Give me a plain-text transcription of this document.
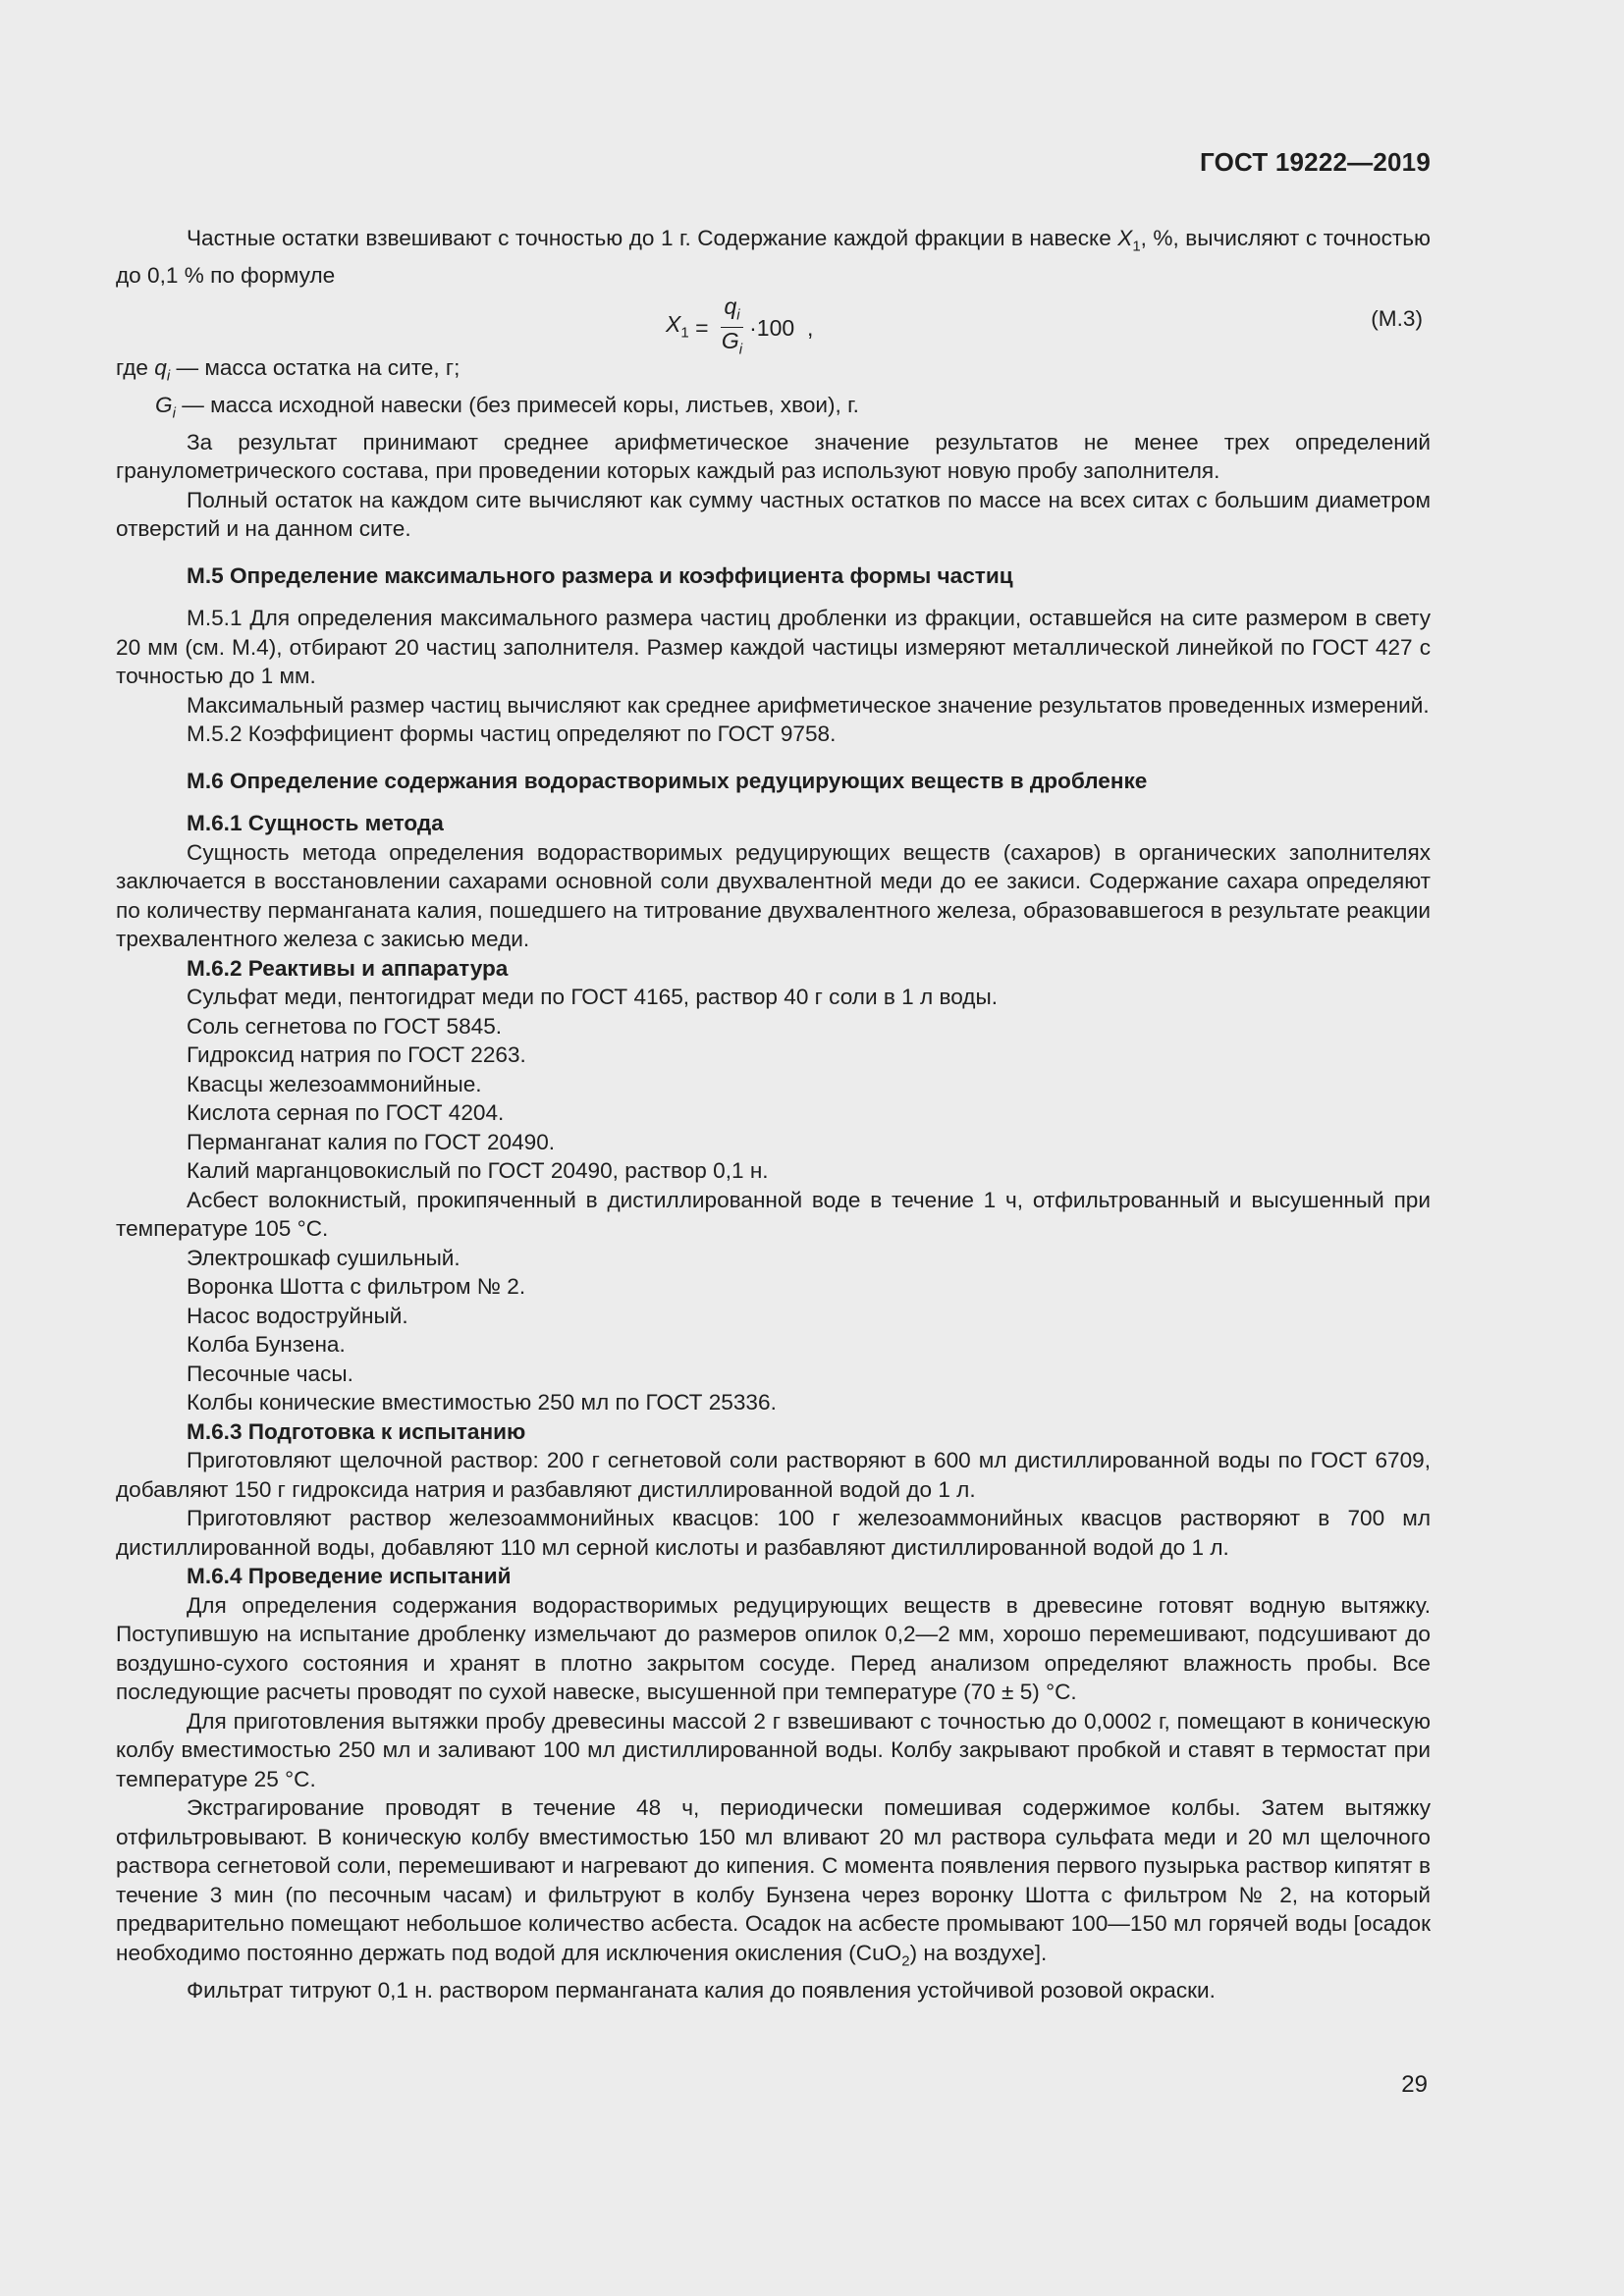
ГОСТ 19222—2019

Частные остатки взвешивают с точностью до 1 г. Содержание каждой фракции в навеске $X_1$, %, вычисляют с точностью до 0,1 % по формуле

$X_1 = \frac{q_i}{G_i} \cdot 100$  ,	(М.3)

где $q_i$ — масса остатка на сите, г;

$G_i$ — масса исходной навески (без примесей коры, листьев, хвои), г.

За результат принимают среднее арифметическое значение результатов не менее трех определений гранулометрического состава, при проведении которых каждый раз используют новую пробу заполнителя.

Полный остаток на каждом сите вычисляют как сумму частных остатков по массе на всех ситах с большим диаметром отверстий и на данном сите.

М.5 Определение максимального размера и коэффициента формы частиц

М.5.1 Для определения максимального размера частиц дробленки из фракции, оставшейся на сите размером в свету 20 мм (см. М.4), отбирают 20 частиц заполнителя. Размер каждой частицы измеряют металлической линейкой по ГОСТ 427 с точностью до 1 мм.

Максимальный размер частиц вычисляют как среднее арифметическое значение результатов проведенных измерений.

М.5.2 Коэффициент формы частиц определяют по ГОСТ 9758.

М.6 Определение содержания водорастворимых редуцирующих веществ в дробленке

М.6.1 Сущность метода

Сущность метода определения водорастворимых редуцирующих веществ (сахаров) в органических заполнителях заключается в восстановлении сахарами основной соли двухвалентной меди до ее закиси. Содержание сахара определяют по количеству перманганата калия, пошедшего на титрование двухвалентного железа, образовавшегося в результате реакции трехвалентного железа с закисью меди.

М.6.2 Реактивы и аппаратура

Сульфат меди, пентогидрат меди по ГОСТ 4165, раствор 40 г соли в 1 л воды.

Соль сегнетова по ГОСТ 5845.

Гидроксид натрия по ГОСТ 2263.

Квасцы железоаммонийные.

Кислота серная по ГОСТ 4204.

Перманганат калия по ГОСТ 20490.

Калий марганцовокислый по ГОСТ 20490, раствор 0,1 н.

Асбест волокнистый, прокипяченный в дистиллированной воде в течение 1 ч, отфильтрованный и высушенный при температуре 105 °C.

Электрошкаф сушильный.

Воронка Шотта с фильтром № 2.

Насос водоструйный.

Колба Бунзена.

Песочные часы.

Колбы конические вместимостью 250 мл по ГОСТ 25336.

М.6.3 Подготовка к испытанию

Приготовляют щелочной раствор: 200 г сегнетовой соли растворяют в 600 мл дистиллированной воды по ГОСТ 6709, добавляют 150 г гидроксида натрия и разбавляют дистиллированной водой до 1 л.

Приготовляют раствор железоаммонийных квасцов: 100 г железоаммонийных квасцов растворяют в 700 мл дистиллированной воды, добавляют 110 мл серной кислоты и разбавляют дистиллированной водой до 1 л.

М.6.4 Проведение испытаний

Для определения содержания водорастворимых редуцирующих веществ в древесине готовят водную вытяжку. Поступившую на испытание дробленку измельчают до размеров опилок 0,2—2 мм, хорошо перемешивают, подсушивают до воздушно-сухого состояния и хранят в плотно закрытом сосуде. Перед анализом определяют влажность пробы. Все последующие расчеты проводят по сухой навеске, высушенной при температуре (70 ± 5) °C.

Для приготовления вытяжки пробу древесины массой 2 г взвешивают с точностью до 0,0002 г, помещают в коническую колбу вместимостью 250 мл и заливают 100 мл дистиллированной воды. Колбу закрывают пробкой и ставят в термостат при температуре 25 °C.

Экстрагирование проводят в течение 48 ч, периодически помешивая содержимое колбы. Затем вытяжку отфильтровывают. В коническую колбу вместимостью 150 мл вливают 20 мл раствора сульфата меди и 20 мл щелочного раствора сегнетовой соли, перемешивают и нагревают до кипения. С момента появления первого пузырька раствор кипятят в течение 3 мин (по песочным часам) и фильтруют в колбу Бунзена через воронку Шотта с фильтром № 2, на который предварительно помещают небольшое количество асбеста. Осадок на асбесте промывают 100—150 мл горячей воды [осадок необходимо постоянно держать под водой для исключения окисления (CuO$_2$) на воздухе].

Фильтрат титруют 0,1 н. раствором перманганата калия до появления устойчивой розовой окраски.

29
